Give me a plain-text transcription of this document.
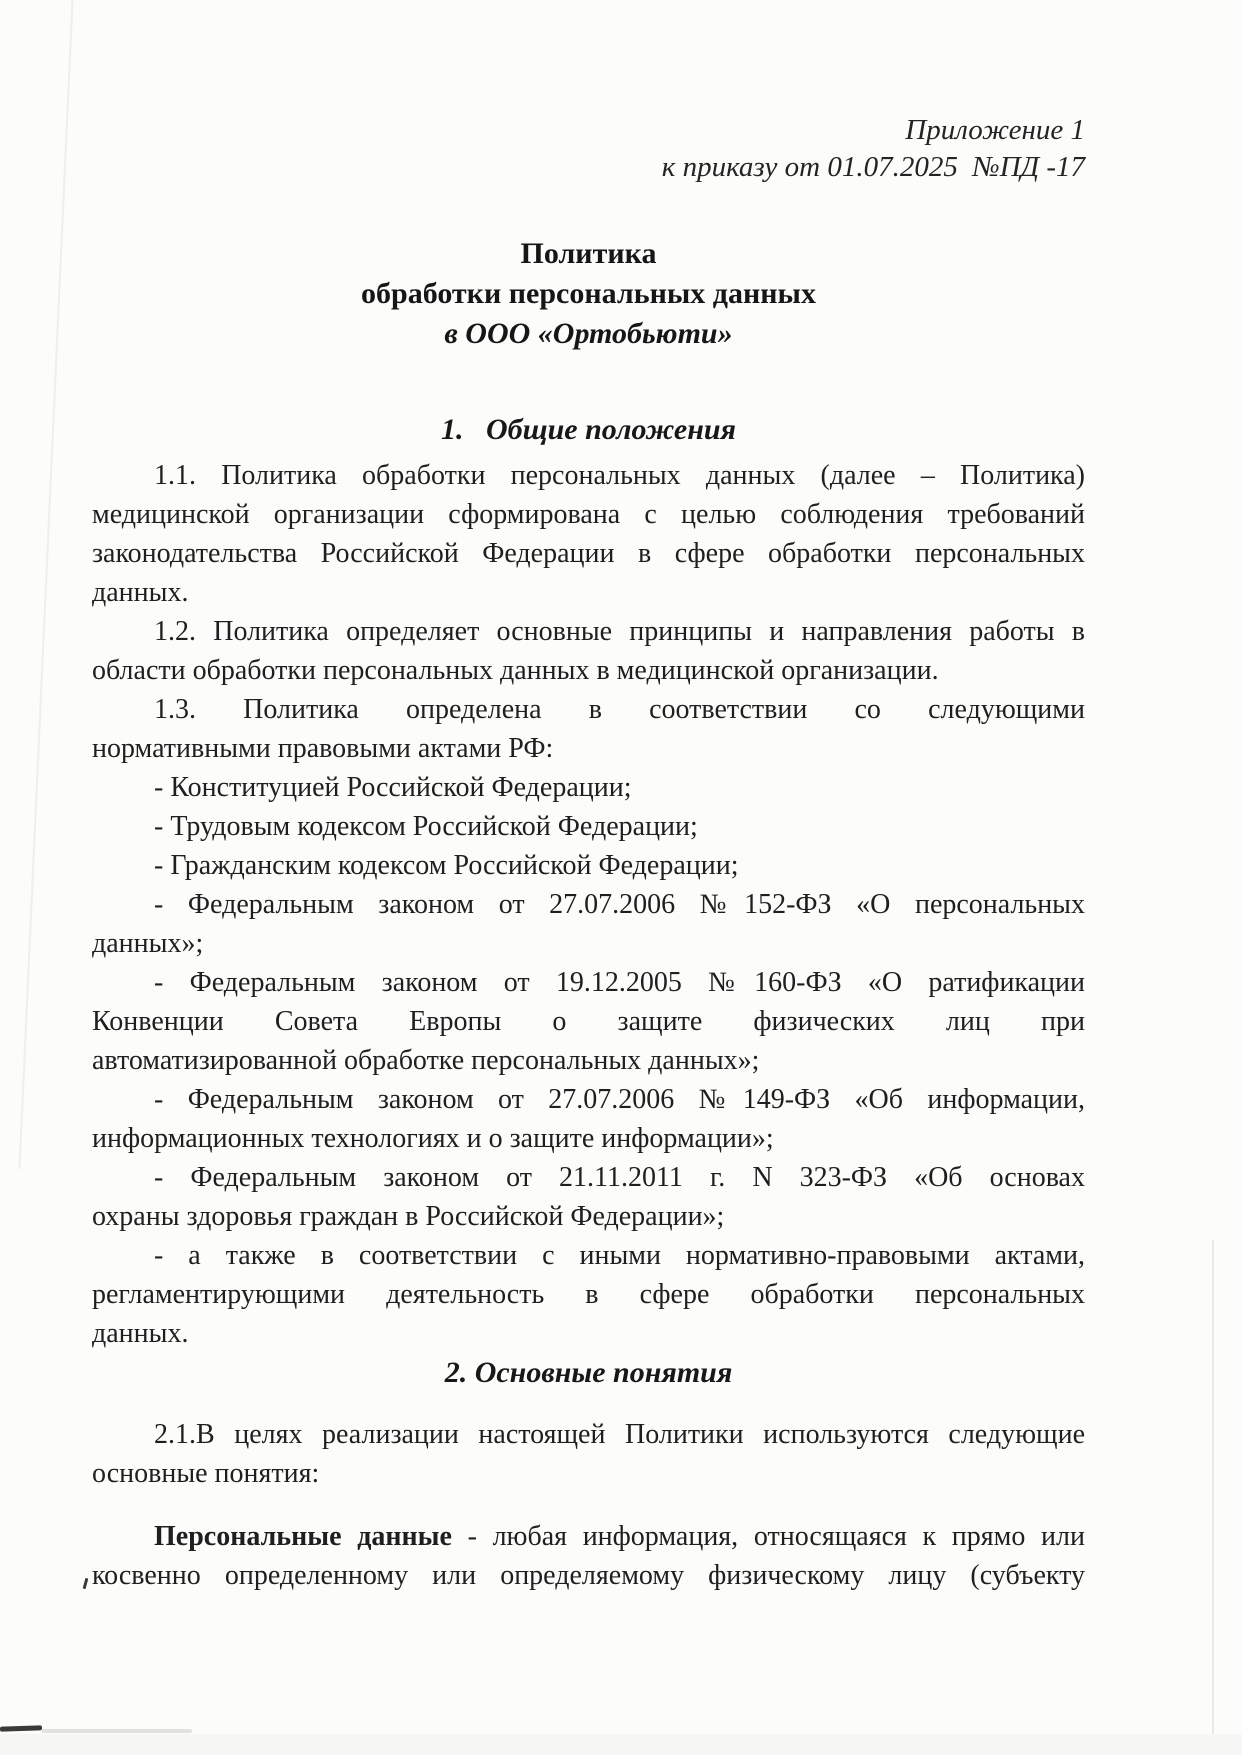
Приложение 1
к приказу от 01.07.2025  №ПД -17
Политика
обработки персональных данных
в ООО «Ортобьюти»
1.   Общие положения
1.1. Политика обработки персональных данных (далее – Политика)
медицинской организации сформирована с целью соблюдения требований
законодательства Российской Федерации в сфере обработки персональных
данных.
1.2. Политика определяет основные принципы и направления работы в
области обработки персональных данных в медицинской организации.
1.3. Политика определена в соответствии со следующими
нормативными правовыми актами РФ:
- Конституцией Российской Федерации;
- Трудовым кодексом Российской Федерации;
- Гражданским кодексом Российской Федерации;
- Федеральным законом от 27.07.2006 №152-ФЗ «О персональных
данных»;
- Федеральным законом от 19.12.2005 №160-ФЗ «О ратификации
Конвенции Совета Европы о защите физических лиц при
автоматизированной обработке персональных данных»;
- Федеральным законом от 27.07.2006 №149-ФЗ «Об информации,
информационных технологиях и о защите информации»;
- Федеральным законом от 21.11.2011 г. N 323-ФЗ «Об основах
охраны здоровья граждан в Российской Федерации»;
- а также в соответствии с иными нормативно-правовыми актами,
регламентирующими деятельность в сфере обработки персональных
данных.
2. Основные понятия
2.1.В целях реализации настоящей Политики используются следующие
основные понятия:
Персональные данные - любая информация, относящаяся к прямо или
косвенно определенному или определяемому физическому лицу (субъекту
